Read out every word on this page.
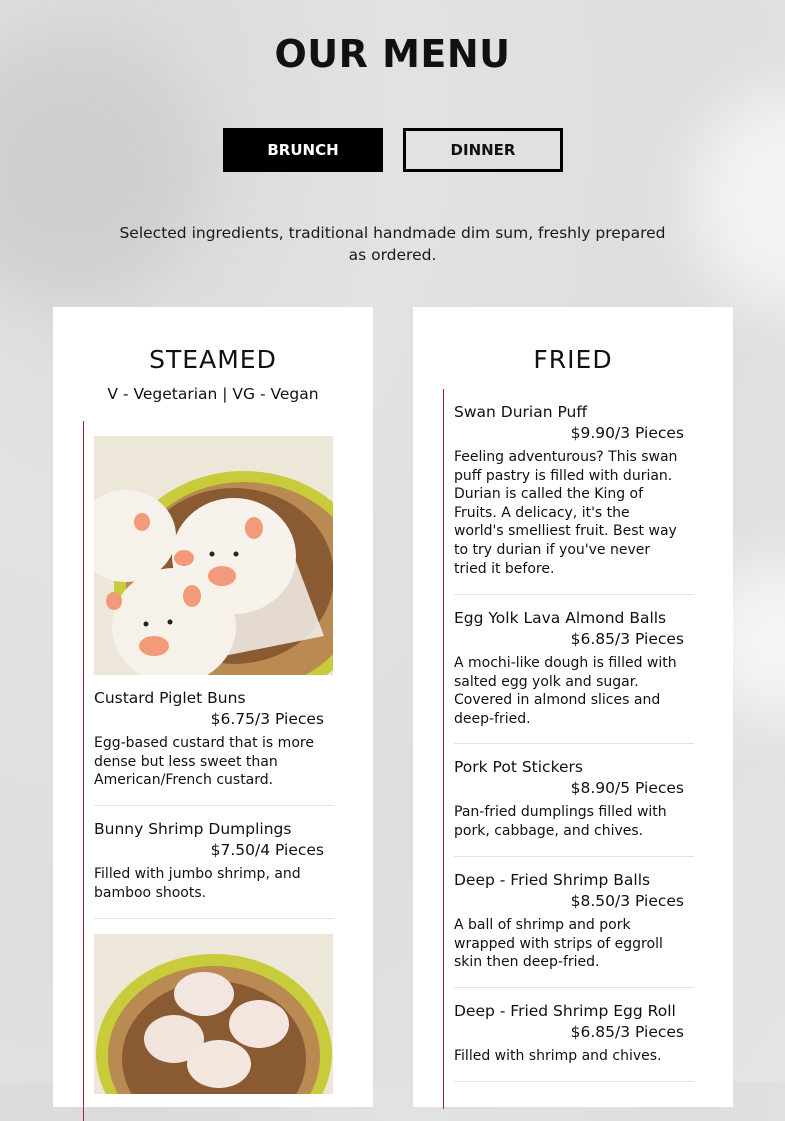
OUR MENU
BRUNCH	DINNER
Selected ingredients, traditional handmade dim sum, freshly prepared as ordered.
STEAMED
V - Vegetarian | VG - Vegan
Custard Piglet Buns
$6.75/3 Pieces
Egg-based custard that is more dense but less sweet than American/French custard.
Bunny Shrimp Dumplings
$7.50/4 Pieces
Filled with jumbo shrimp, and bamboo shoots.
FRIED
Swan Durian Puff
$9.90/3 Pieces
Feeling adventurous? This swan puff pastry is filled with durian. Durian is called the King of Fruits. A delicacy, it's the world's smelliest fruit. Best way to try durian if you've never tried it before.
Egg Yolk Lava Almond Balls
$6.85/3 Pieces
A mochi-like dough is filled with salted egg yolk and sugar. Covered in almond slices and deep-fried.
Pork Pot Stickers
$8.90/5 Pieces
Pan-fried dumplings filled with pork, cabbage, and chives.
Deep - Fried Shrimp Balls
$8.50/3 Pieces
A ball of shrimp and pork wrapped with strips of eggroll skin then deep-fried.
Deep - Fried Shrimp Egg Roll
$6.85/3 Pieces
Filled with shrimp and chives.
